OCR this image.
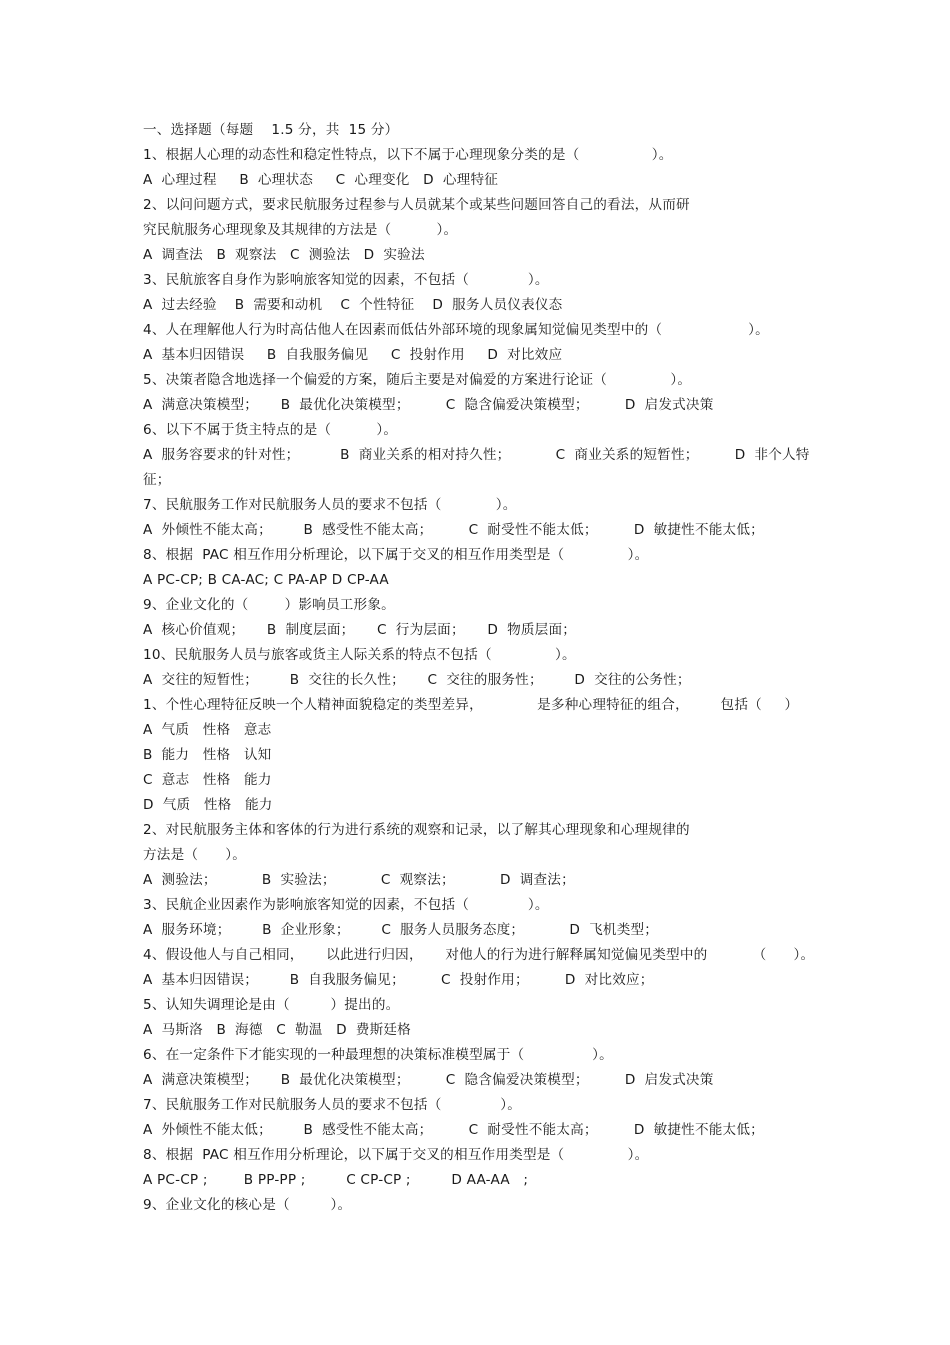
一、选择题（每题    1.5 分，共  15 分）
1、根据人心理的动态性和稳定性特点，以下不属于心理现象分类的是（                ）。
A  心理过程     B  心理状态     C  心理变化   D  心理特征
2、以问问题方式，要求民航服务过程参与人员就某个或某些问题回答自己的看法，从而研
究民航服务心理现象及其规律的方法是（          ）。
A  调查法   B  观察法   C  测验法   D  实验法
3、民航旅客自身作为影响旅客知觉的因素，不包括（             ）。
A  过去经验    B  需要和动机    C  个性特征    D  服务人员仪表仪态
4、人在理解他人行为时高估他人在因素而低估外部环境的现象属知觉偏见类型中的（                   ）。
A  基本归因错误     B  自我服务偏见     C  投射作用     D  对比效应
5、决策者隐含地选择一个偏爱的方案，随后主要是对偏爱的方案进行论证（              ）。
A  满意决策模型；     B  最优化决策模型；        C  隐含偏爱决策模型；        D  启发式决策
6、以下不属于货主特点的是（          ）。
A  服务容要求的针对性；         B  商业关系的相对持久性；          C  商业关系的短暂性；        D  非个人特
征；
7、民航服务工作对民航服务人员的要求不包括（            ）。
A  外倾性不能太高；       B  感受性不能太高；        C  耐受性不能太低；        D  敏捷性不能太低；
8、根据  PAC 相互作用分析理论，以下属于交叉的相互作用类型是（              ）。
A PC-CP; B CA-AC; C PA-AP D CP-AA
9、企业文化的（        ）影响员工形象。
A  核心价值观；     B  制度层面；     C  行为层面；     D  物质层面；
10、民航服务人员与旅客或货主人际关系的特点不包括（              ）。
A  交往的短暂性；       B  交往的长久性；     C  交往的服务性；       D  交往的公务性；
1、个性心理特征反映一个人精神面貌稳定的类型差异，            是多种心理特征的组合，       包括（     ）
A  气质   性格   意志
B  能力   性格   认知
C  意志   性格   能力
D  气质   性格   能力
2、对民航服务主体和客体的行为进行系统的观察和记录，以了解其心理现象和心理规律的
方法是（      ）。
A  测验法；          B  实验法；          C  观察法；          D  调查法；
3、民航企业因素作为影响旅客知觉的因素，不包括（             ）。
A  服务环境；       B  企业形象；       C  服务人员服务态度；          D  飞机类型；
4、假设他人与自己相同，     以此进行归因，     对他人的行为进行解释属知觉偏见类型中的          （      ）。
A  基本归因错误；       B  自我服务偏见；        C  投射作用；        D  对比效应；
5、认知失调理论是由（         ）提出的。
A  马斯洛   B  海德   C  勒温   D  费斯廷格
6、在一定条件下才能实现的一种最理想的决策标准模型属于（               ）。
A  满意决策模型；     B  最优化决策模型；        C  隐含偏爱决策模型；        D  启发式决策
7、民航服务工作对民航服务人员的要求不包括（             ）。
A  外倾性不能太低；       B  感受性不能太高；        C  耐受性不能太高；        D  敏捷性不能太低；
8、根据  PAC 相互作用分析理论，以下属于交叉的相互作用类型是（              ）。
A PC-CP ;        B PP-PP ;         C CP-CP ;         D AA-AA   ;
9、企业文化的核心是（         ）。
